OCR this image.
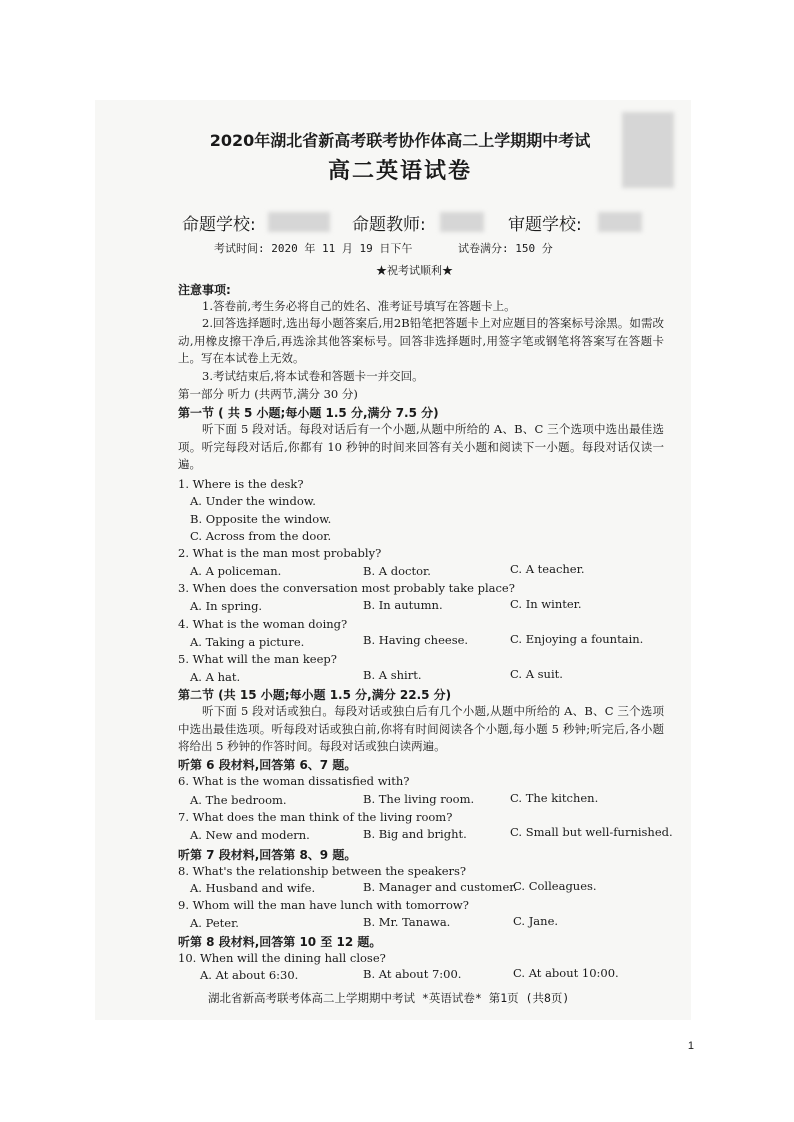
2020年湖北省新高考联考协作体高二上学期期中考试
高二英语试卷
命题学校:	命题教师:	审题学校:
考试时间: 2020 年 11 月 19 日下午	试卷满分: 150 分
★祝考试顺利★
注意事项:
1.答卷前,考生务必将自己的姓名、准考证号填写在答题卡上。
2.回答选择题时,选出每小题答案后,用2B铅笔把答题卡上对应题目的答案标号涂黑。如需改动,用橡皮擦干净后,再选涂其他答案标号。回答非选择题时,用签字笔或钢笔将答案写在答题卡上。写在本试卷上无效。
3.考试结束后,将本试卷和答题卡一并交回。
第一部分 听力 (共两节,满分 30 分)
第一节 ( 共 5 小题;每小题 1.5 分,满分 7.5 分)
听下面 5 段对话。每段对话后有一个小题,从题中所给的 A、B、C 三个选项中选出最佳选项。听完每段对话后,你都有 10 秒钟的时间来回答有关小题和阅读下一小题。每段对话仅读一遍。
1. Where is the desk?
A. Under the window.
B. Opposite the window.
C. Across from the door.
2. What is the man most probably?
A. A policeman.	B. A doctor.	C. A teacher.
3. When does the conversation most probably take place?
A. In spring.	B. In autumn.	C. In winter.
4. What is the woman doing?
A. Taking a picture.	B. Having cheese.	C. Enjoying a fountain.
5. What will the man keep?
A. A hat.	B. A shirt.	C. A suit.
第二节 (共 15 小题;每小题 1.5 分,满分 22.5 分)
听下面 5 段对话或独白。每段对话或独白后有几个小题,从题中所给的 A、B、C 三个选项中选出最佳选项。听每段对话或独白前,你将有时间阅读各个小题,每小题 5 秒钟;听完后,各小题将给出 5 秒钟的作答时间。每段对话或独白读两遍。
听第 6 段材料,回答第 6、7 题。
6. What is the woman dissatisfied with?
A. The bedroom.	B. The living room.	C. The kitchen.
7. What does the man think of the living room?
A. New and modern.	B. Big and bright.	C. Small but well-furnished.
听第 7 段材料,回答第 8、9 题。
8. What's the relationship between the speakers?
A. Husband and wife.	B. Manager and customer.
C. Colleagues.
9. Whom will the man have lunch with tomorrow?
A. Peter.	B. Mr. Tanawa.	C. Jane.
听第 8 段材料,回答第 10 至 12 题。
10. When will the dining hall close?
A. At about 6:30.	B. At about 7:00.	C. At about 10:00.
湖北省新高考联考体高二上学期期中考试 *英语试卷* 第1页 (共8页)
1
